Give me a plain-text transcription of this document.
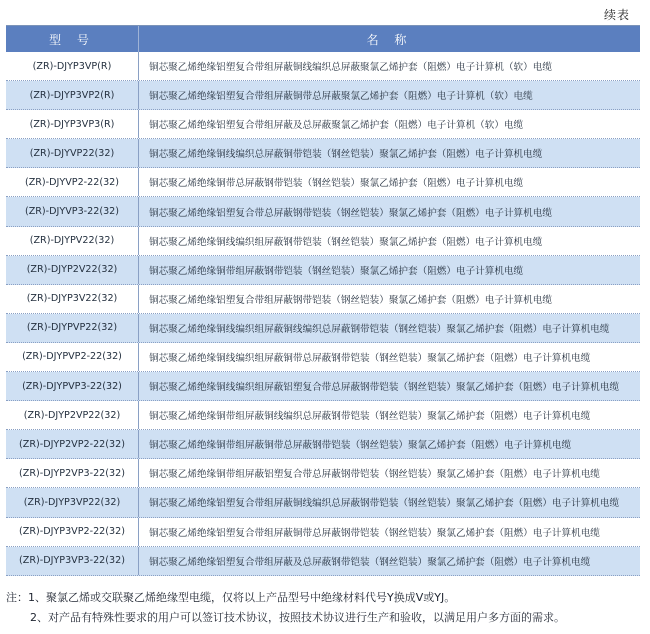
续表
型 号	名 称
(ZR)-DJYP3VP(R)	铜芯聚乙烯绝缘铝塑复合带组屏蔽铜线编织总屏蔽聚氯乙烯护套（阻燃）电子计算机（软）电缆
(ZR)-DJYP3VP2(R)	铜芯聚乙烯绝缘铝塑复合带组屏蔽铜带总屏蔽聚氯乙烯护套（阻燃）电子计算机（软）电缆
(ZR)-DJYP3VP3(R)	铜芯聚乙烯绝缘铝塑复合带组屏蔽及总屏蔽聚氯乙烯护套（阻燃）电子计算机（软）电缆
(ZR)-DJYVP22(32)	铜芯聚乙烯绝缘铜线编织总屏蔽铜带铠装（钢丝铠装）聚氯乙烯护套（阻燃）电子计算机电缆
(ZR)-DJYVP2-22(32)	铜芯聚乙烯绝缘铜带总屏蔽钢带铠装（钢丝铠装）聚氯乙烯护套（阻燃）电子计算机电缆
(ZR)-DJYVP3-22(32)	铜芯聚乙烯绝缘铝塑复合带总屏蔽钢带铠装（钢丝铠装）聚氯乙烯护套（阻燃）电子计算机电缆
(ZR)-DJYPV22(32)	铜芯聚乙烯绝缘铜线编织组屏蔽钢带铠装（钢丝铠装）聚氯乙烯护套（阻燃）电子计算机电缆
(ZR)-DJYP2V22(32)	铜芯聚乙烯绝缘铜带组屏蔽钢带铠装（钢丝铠装）聚氯乙烯护套（阻燃）电子计算机电缆
(ZR)-DJYP3V22(32)	铜芯聚乙烯绝缘铝塑复合带组屏蔽钢带铠装（钢丝铠装）聚氯乙烯护套（阻燃）电子计算机电缆
(ZR)-DJYPVP22(32)	铜芯聚乙烯绝缘铜线编织组屏蔽铜线编织总屏蔽钢带铠装（钢丝铠装）聚氯乙烯护套（阻燃）电子计算机电缆
(ZR)-DJYPVP2-22(32)	铜芯聚乙烯绝缘铜线编织组屏蔽铜带总屏蔽钢带铠装（钢丝铠装）聚氯乙烯护套（阻燃）电子计算机电缆
(ZR)-DJYPVP3-22(32)	铜芯聚乙烯绝缘铜线编织组屏蔽铝塑复合带总屏蔽钢带铠装（钢丝铠装）聚氯乙烯护套（阻燃）电子计算机电缆
(ZR)-DJYP2VP22(32)	铜芯聚乙烯绝缘铜带组屏蔽铜线编织总屏蔽钢带铠装（钢丝铠装）聚氯乙烯护套（阻燃）电子计算机电缆
(ZR)-DJYP2VP2-22(32)	铜芯聚乙烯绝缘铜带组屏蔽铜带总屏蔽钢带铠装（钢丝铠装）聚氯乙烯护套（阻燃）电子计算机电缆
(ZR)-DJYP2VP3-22(32)	铜芯聚乙烯绝缘铜带组屏蔽铝塑复合带总屏蔽钢带铠装（钢丝铠装）聚氯乙烯护套（阻燃）电子计算机电缆
(ZR)-DJYP3VP22(32)	铜芯聚乙烯绝缘铝塑复合带组屏蔽铜线编织总屏蔽钢带铠装（钢丝铠装）聚氯乙烯护套（阻燃）电子计算机电缆
(ZR)-DJYP3VP2-22(32)	铜芯聚乙烯绝缘铝塑复合带组屏蔽铜带总屏蔽钢带铠装（钢丝铠装）聚氯乙烯护套（阻燃）电子计算机电缆
(ZR)-DJYP3VP3-22(32)	铜芯聚乙烯绝缘铝塑复合带组屏蔽及总屏蔽钢带铠装（钢丝铠装）聚氯乙烯护套（阻燃）电子计算机电缆
注：1、聚氯乙烯或交联聚乙烯绝缘型电缆，仅将以上产品型号中绝缘材料代号Y换成V或YJ。
2、对产品有特殊性要求的用户可以签订技术协议，按照技术协议进行生产和验收，以满足用户多方面的需求。
